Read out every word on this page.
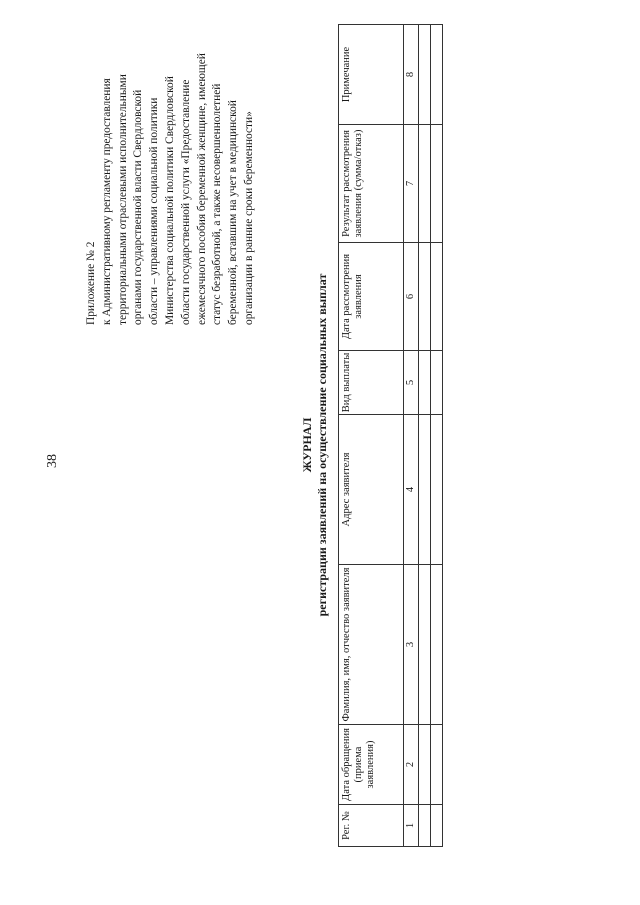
38
Приложение № 2 к Административному регламенту предоставления территориальными отраслевыми исполнительными органами государственной власти Свердловской области – управлениями социальной политики Министерства социальной политики Свердловской области государственной услуги «Предоставление ежемесячного пособия беременной женщине, имеющей статус безработной, а также несовершеннолетней беременной, вставшим на учет в медицинской организации в ранние сроки беременности»
ЖУРНАЛ регистрации заявлений на осуществление социальных выплат
Рег. №	Дата обращения (приема заявления)	Фамилия, имя, отчество заявителя	Адрес заявителя	Вид выплаты	Дата рассмотрения заявления	Результат рассмотрения заявления (сумма/отказ)	Примечание
1	2	3	4	5	6	7	8
